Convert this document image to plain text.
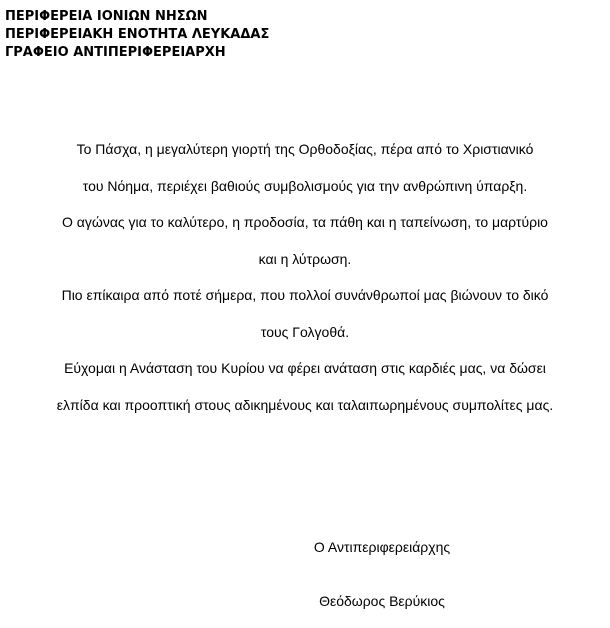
ΠΕΡΙΦΕΡΕΙΑ ΙΟΝΙΩΝ ΝΗΣΩΝ
ΠΕΡΙΦΕΡΕΙΑΚΗ ΕΝΟΤΗΤΑ ΛΕΥΚΑΔΑΣ
ΓΡΑΦΕΙΟ ΑΝΤΙΠΕΡΙΦΕΡΕΙΑΡΧΗ
Το Πάσχα, η μεγαλύτερη γιορτή της Ορθοδοξίας, πέρα από το Χριστιανικό
του Νόημα, περιέχει βαθιούς συμβολισμούς για την ανθρώπινη ύπαρξη.
Ο αγώνας για το καλύτερο, η προδοσία, τα πάθη και η ταπείνωση, το μαρτύριο
και η λύτρωση.
Πιο επίκαιρα από ποτέ σήμερα, που πολλοί συνάνθρωποί μας βιώνουν το δικό
τους Γολγοθά.
Εύχομαι η Ανάσταση του Κυρίου να φέρει ανάταση στις καρδιές μας, να δώσει
ελπίδα και προοπτική στους αδικημένους και ταλαιπωρημένους συμπολίτες μας.
Ο Αντιπεριφερειάρχης
Θεόδωρος Βερύκιος
